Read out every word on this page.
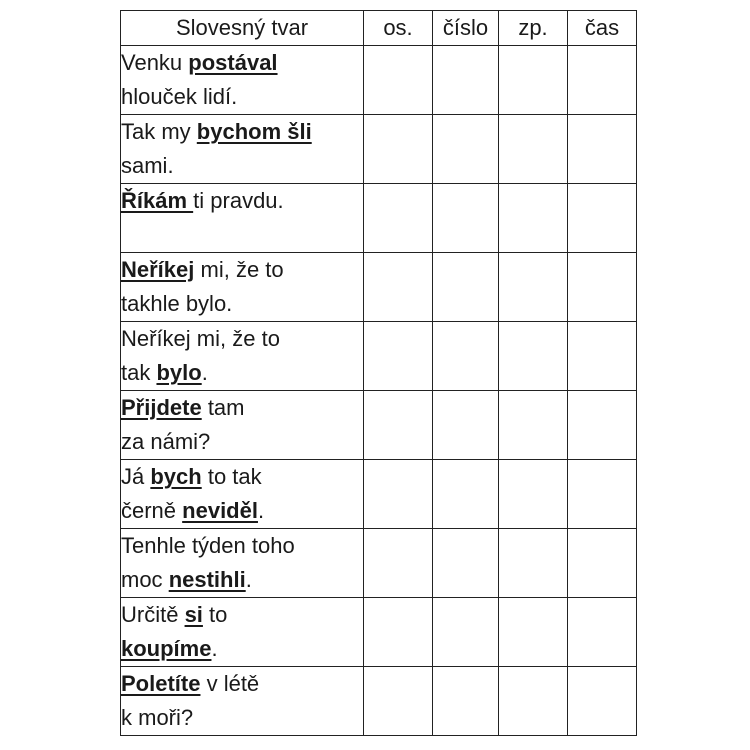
Slovesný tvar	os.	číslo	zp.	čas

Venku postával
hlouček lidí.				

Tak my bychom šli
sami.				

Říkám ti pravdu.				

Neříkej mi, že to
takhle bylo.				

Neříkej mi, že to
tak bylo.				

Přijdete tam
za námi?				

Já bych to tak
černě neviděl.				

Tenhle týden toho
moc nestihli.				

Určitě si to
koupíme.				

Poletíte v létě
k moři?				
